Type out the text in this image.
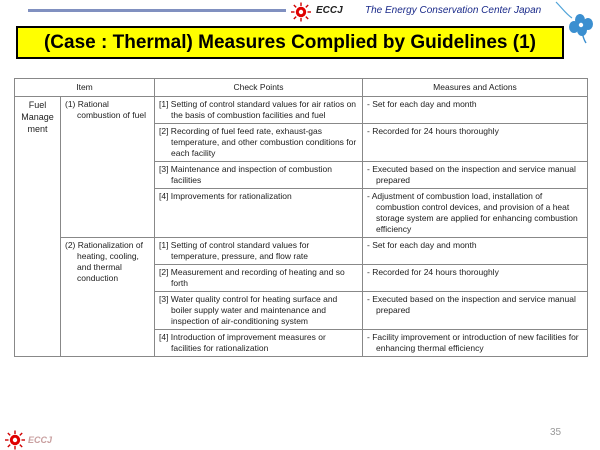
ECCJ The Energy Conservation Center Japan
(Case : Thermal) Measures Complied by Guidelines (1)
Item		Check Points	Measures and Actions
Fuel Manage ment	(1) Rational combustion of fuel	[1] Setting of control standard values for air ratios on the basis of combustion facilities and fuel	- Set for each day and month

		[2] Recording of fuel feed rate, exhaust-gas temperature, and other combustion conditions for each facility	- Recorded for 24 hours thoroughly

		[3] Maintenance and inspection of combustion facilities	- Executed based on the inspection and service manual prepared

		[4] Improvements for rationalization	- Adjustment of combustion load, installation of combustion control devices, and provision of a heat storage system are applied for enhancing combustion efficiency

	(2) Rationalization of heating, cooling, and thermal conduction	[1] Setting of control standard values for temperature, pressure, and flow rate	- Set for each day and month

		[2] Measurement and recording of heating and so forth	- Recorded for 24 hours thoroughly

		[3] Water quality control for heating surface and boiler supply water and maintenance and inspection of air-conditioning system	- Executed based on the inspection and service manual prepared

		[4] Introduction of improvement measures or facilities for rationalization	- Facility improvement or introduction of new facilities for enhancing thermal efficiency
35
ECCJ
